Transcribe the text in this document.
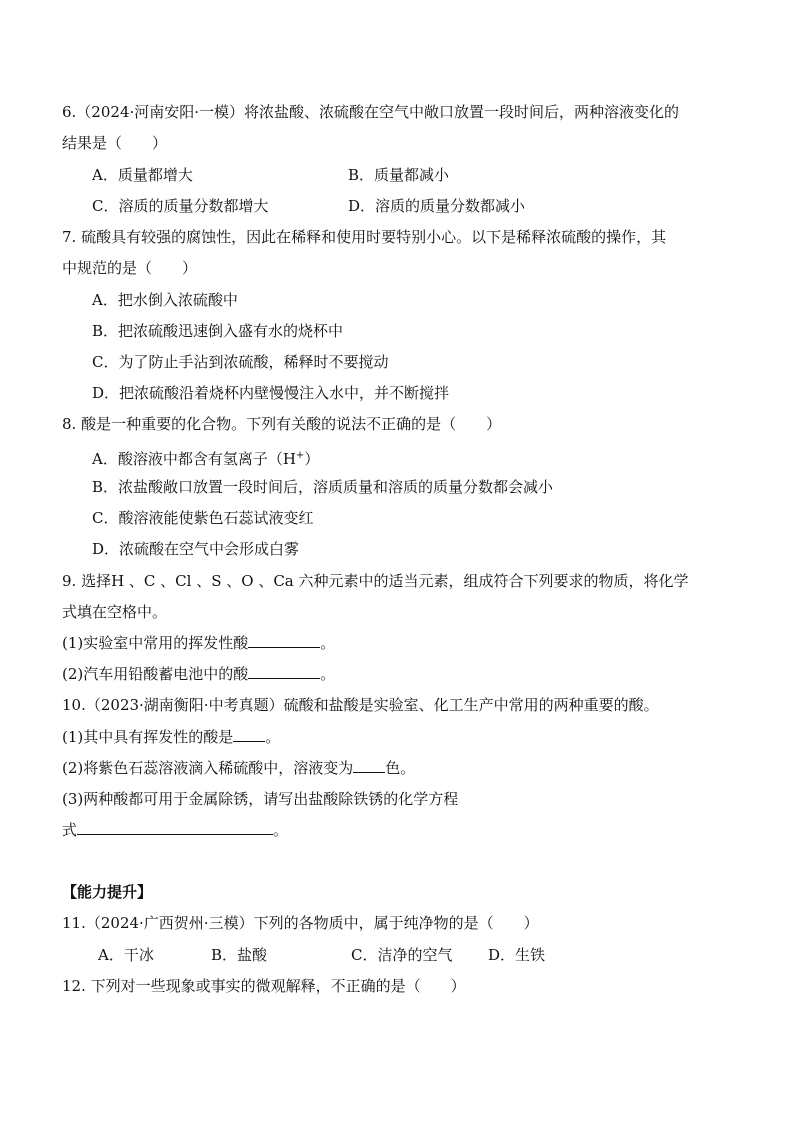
6.（2024·河南安阳·一模）将浓盐酸、浓硫酸在空气中敞口放置一段时间后，两种溶液变化的
结果是（　　）
A．质量都增大	B．质量都减小
C．溶质的质量分数都增大	D．溶质的质量分数都减小
7. 硫酸具有较强的腐蚀性，因此在稀释和使用时要特别小心。以下是稀释浓硫酸的操作，其
中规范的是（　　）
A．把水倒入浓硫酸中
B．把浓硫酸迅速倒入盛有水的烧杯中
C．为了防止手沾到浓硫酸，稀释时不要搅动
D．把浓硫酸沿着烧杯内壁慢慢注入水中，并不断搅拌
8. 酸是一种重要的化合物。下列有关酸的说法不正确的是（　　）
A．酸溶液中都含有氢离子（H+）
B．浓盐酸敞口放置一段时间后，溶质质量和溶质的质量分数都会减小
C．酸溶液能使紫色石蕊试液变红
D．浓硫酸在空气中会形成白雾
9. 选择H 、C 、Cl 、S 、O 、Ca 六种元素中的适当元素，组成符合下列要求的物质，将化学
式填在空格中。
(1)实验室中常用的挥发性酸	。
(2)汽车用铅酸蓄电池中的酸	。
10.（2023·湖南衡阳·中考真题）硫酸和盐酸是实验室、化工生产中常用的两种重要的酸。
(1)其中具有挥发性的酸是 。
(2)将紫色石蕊溶液滴入稀硫酸中，溶液变为 色。
(3)两种酸都可用于金属除锈，请写出盐酸除铁锈的化学方程
式	。
【能力提升】
11.（2024·广西贺州·三模）下列的各物质中，属于纯净物的是（　　）
A．干冰	B．盐酸	C．洁净的空气 D．生铁
12. 下列对一些现象或事实的微观解释，不正确的是（　　）
